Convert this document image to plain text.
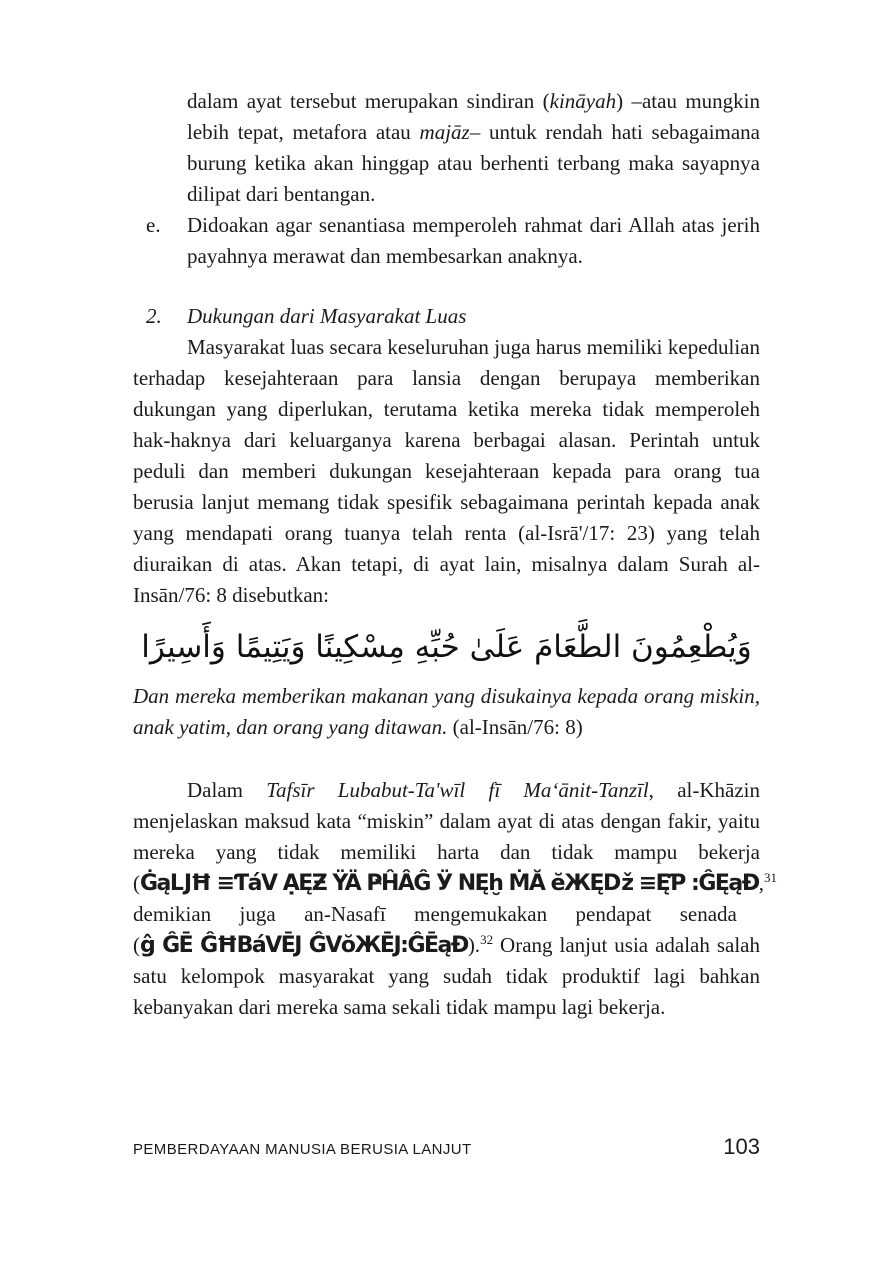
dalam ayat tersebut merupakan sindiran (kināyah) –atau mungkin lebih tepat, metafora atau majāz– untuk rendah hati sebagaimana burung ketika akan hinggap atau berhenti terbang maka sayapnya dilipat dari bentangan.

e. Didoakan agar senantiasa memperoleh rahmat dari Allah atas jerih payahnya merawat dan membesarkan anaknya.

2. Dukungan dari Masyarakat Luas

Masyarakat luas secara keseluruhan juga harus memiliki kepedulian terhadap kesejahteraan para lansia dengan berupaya memberikan dukungan yang diperlukan, terutama ketika mereka tidak memperoleh hak-haknya dari keluarganya karena berbagai alasan. Perintah untuk peduli dan memberi dukungan kesejahteraan kepada para orang tua berusia lanjut memang tidak spesifik sebagaimana perintah kepada anak yang mendapati orang tuanya telah renta (al-Isrā'/17: 23) yang telah diuraikan di atas. Akan tetapi, di ayat lain, misalnya dalam Surah al-Insān/76: 8 disebutkan:

وَيُطْعِمُونَ الطَّعَامَ عَلَىٰ حُبِّهِ مِسْكِينًا وَيَتِيمًا وَأَسِيرًا

Dan mereka memberikan makanan yang disukainya kepada orang miskin, anak yatim, dan orang yang ditawan. (al-Insān/76: 8)

Dalam Tafsīr Lubabut-Ta'wīl fī Ma‘ānit-Tanzīl, al-Khāzin menjelaskan maksud kata “miskin” dalam ayat di atas dengan fakir, yaitu mereka yang tidak memiliki harta dan tidak mampu bekerja (ĠąǇĦ ≡ƬáV ẠĘƵ ŸÄ ҎĤÂĜ Ӱ ΝĘḫ ṀӐ ĕЖĘǅ ≡ĘƤ :ĜĘąÐ,$^{31}$ demikian juga an-Nasafī mengemukakan pendapat senada (ĝ ĜĒ ĜĦBáVĒJ ĜVŏЖĒJ:ĜĒąÐ).$^{32}$ Orang lanjut usia adalah salah satu kelompok masyarakat yang sudah tidak produktif lagi bahkan kebanyakan dari mereka sama sekali tidak mampu lagi bekerja.

PEMBERDAYAAN MANUSIA BERUSIA LANJUT	103
